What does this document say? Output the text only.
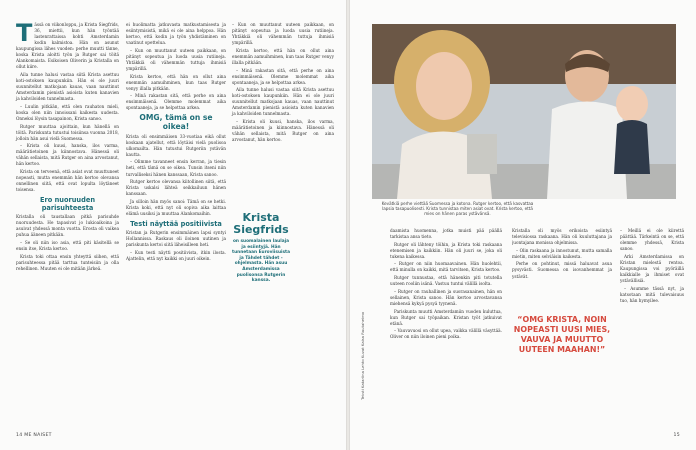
T ässä on viikonloppu, ja Krista Siegfrids, 36, miettii, kun hän työntää lastenrattaissa kohti Amsterdamin kodin kalmistoa. Hän on asunut kaupungissa lähes vuoden: perhe muutti tänne, koska Krista aloitti työn ja Rutger sai töitä Alankomaista. Esikoisen Oliverin ja Kristalla on ollut kiire.

Aila tunne halusi vastaa siitä Krista asettuu koti-ostoksen kaupunkiin. Hän ei ole juuri suunnitellut matkojaan kauas, vaan nauttinut Amsterdamin pienistä asioista kuten kanavien ja kahviloiden tunnelmasta.

– Luulin pitkään, että olen rauhaton mieli, koska olen niin innoissani kaikesta uudesta. Onneksi löysin tasapainon, Krista sanoo.

Rutger muuttaa ajoittain, kun hänellä on töitä. Pariskunta tutustui toisiinsa vuonna 2018, jolloin hän asui vielä Suomessa.

– Krista oli kuusi, hanska, ilos varma, määrätietoinen ja kiinnostava. Hänessä oli vähän sellaista, mitä Rutger on aina arvostanut, hän kertoo.

Krista on terveenä, että asiat ovat muuttuneet nopeasti, mutta enemmän hän kertoo olevansa onnellinen siitä, että ovat lopulta löytäneet toisensa.

Ero nuoruuden parisuhteesta

Kristalla oli taustallaan pitkä parisuhde nuoruudesta. He tapasivat jo lukioaikoina ja asuivat yhdessä monta vuotta. Erosta oli vaikea puhua ääneen pitkään.

– Se oli niin iso asia, että piti käsitellä se ensin itse, Krista kertoo.

Krista toki ottaa ensin yhteyttä siihen, että parisuhteessa pitää tarttua tunteisiin ja olla rehellinen. Muuten ei ole mitään järkeä.

ei huolimatta jatkuvasta matkustamisesta ja esiintymisistä, mikä ei ole aina helppoa. Hän kertoo, että kodin ja työn yhdistäminen on vaatinut opettelua.

– Kun on muuttanut uuteen paikkaan, on pitänyt sopeutua ja luoda uusia rutiineja. Yhtäkkiä oli vähemmän tuttuja ihmisiä ympärillä.

Krista kertoo, että hän on ollut aina enemmän aamuihminen, kun taas Rutger venyy illalla pitkään.

– Minä rakastan sitä, että perhe on aina ensimmäisenä. Olemme molemmat aika spontaaneja, ja se helpottaa arkea.

OMG, tämä on se oikea!

Krista oli ensimmäisen 33-vuotiaa eikä ollut koskaan ajatellut, että löytäisi vielä puolisoa ulkomailta. Hän tutustui Rutgeriin ystävän kautta.

– Olimme tavanneet ensin kerran, ja tiesin heti, että tämä on se oikea. Tunsin itseni niin turvalliseksi hänen kanssaan, Krista sanoo.

Rutger kertoo olevansa kiitollinen siitä, että Krista uskalsi lähteä seikkailuun hänen kanssaan.

Ja silloin hän myös sanoi: Tämä on se hetki. Krista koki, että nyt oli sopiva aika laittaa elämä uusiksi ja muuttaa Alankomaihin.

Testi näyttää positiivista

Kristan ja Rutgerin ensimmäinen lapsi syntyi Hollannissa. Raskaus oli iloinen uutinen ja pariskunta kertoi siitä läheisilleen heti.

– Kun testi näytti positiivista, itkin ilosta. Ajattelin, että nyt kaikki on juuri oikein.

– Kun on muuttanut uuteen paikkaan, on pitänyt sopeutua ja luoda uusia rutiineja. Yhtäkkiä oli vähemmän tuttuja ihmisiä ympärillä.

Krista kertoo, että hän on ollut aina enemmän aamuihminen, kun taas Rutger venyy illalla pitkään.

– Minä rakastan sitä, että perhe on aina ensimmäisenä. Olemme molemmat aika spontaaneja, ja se helpottaa arkea.

Aila tunne halusi vastaa siitä Krista asettuu koti-ostoksen kaupunkiin. Hän ei ole juuri suunnitellut matkojaan kauas, vaan nauttinut Amsterdamin pienistä asioista kuten kanavien ja kahviloiden tunnelmasta.

– Krista oli kuusi, hanska, ilos varma, määrätietoinen ja kiinnostava. Hänessä oli vähän sellaista, mitä Rutger on aina arvostanut, hän kertoo.

Krista Siegfrids
on suomalainen laulaja ja esiintyjä. Hän tunnetaan Euroviisuista ja Tähdet tähdet -ohjelmasta. Hän asuu Amsterdamissa puolisonsa Rutgerin kanssa.
14 ME NAISET	15
Teksti Katariina Lehto Kuvat Kaisa Rautaheimo
Kevätkiä perhe viettää Suomessa ja kotona. Rutger kertoo, että kasvattaa lapsia tasapuolisesti. Krista tunnistaa miten asiat ovat. Krista kertoo, että mies on hänen paras ystävänsä.

daamista huomenna, jotka muisti pää päällä tarkistaa ansa tieto.

Rutger oli lähteny töihin, ja Krista toki raskaana etenemisen ja kaikkiin. Hän oli juuri se, joka oli tukena kaikessa.

– Rutger on niin huomaavainen. Hän huolehtii, että minulla on kaikki, mitä tarvitsen, Krista kertoo.

Rutger tunnustaa, että hänenkin piti totutella uuteen rooliin isänä. Vastuu tuntui välillä isolta.

– Rutger on rauhallinen ja suorasanainen, hän on sellainen, Krista sanoo. Hän kertoo arvostavansa miehensä kykyä pysyä tyynenä.

Pariskunta muutti Amsterdamiin vuoden kuluttua, kun Rutger sai työpaikan. Kristan työt jatkuivat etänä.

– Vauvavuosi on ollut upea, vaikka välillä väsyttää. Oliver on niin iloinen pieni poika.

Kristalla oli myös erikoista esiintyä televisiossa raskaana. Hän oli kuuluttajana ja juontajana monissa ohjelmissa.

– Olin raskaana ja innostunut, mutta samalla mietin, miten selviäisin kaikesta.

Perhe on pohtinut, missä haluavat asua pysyvästi. Suomessa on isovanhemmat ja ystävät.

“OMG KRISTA, NOIN NOPEASTI UUSI MIES, VAUVA JA MUUTTO UUTEEN MAAHAN!”

– Meillä ei ole kiirettä päättää. Tärkeintä on se, että olemme yhdessä, Krista sanoo.

Arki Amsterdamissa on Kristan mielestä rentoa. Kaupungissa voi pyöräillä kaikkialle ja ihmiset ovat ystävällisiä.

– Asumme tässä nyt, ja katsotaan mitä tulevaisuus tuo, hän hymyilee.
